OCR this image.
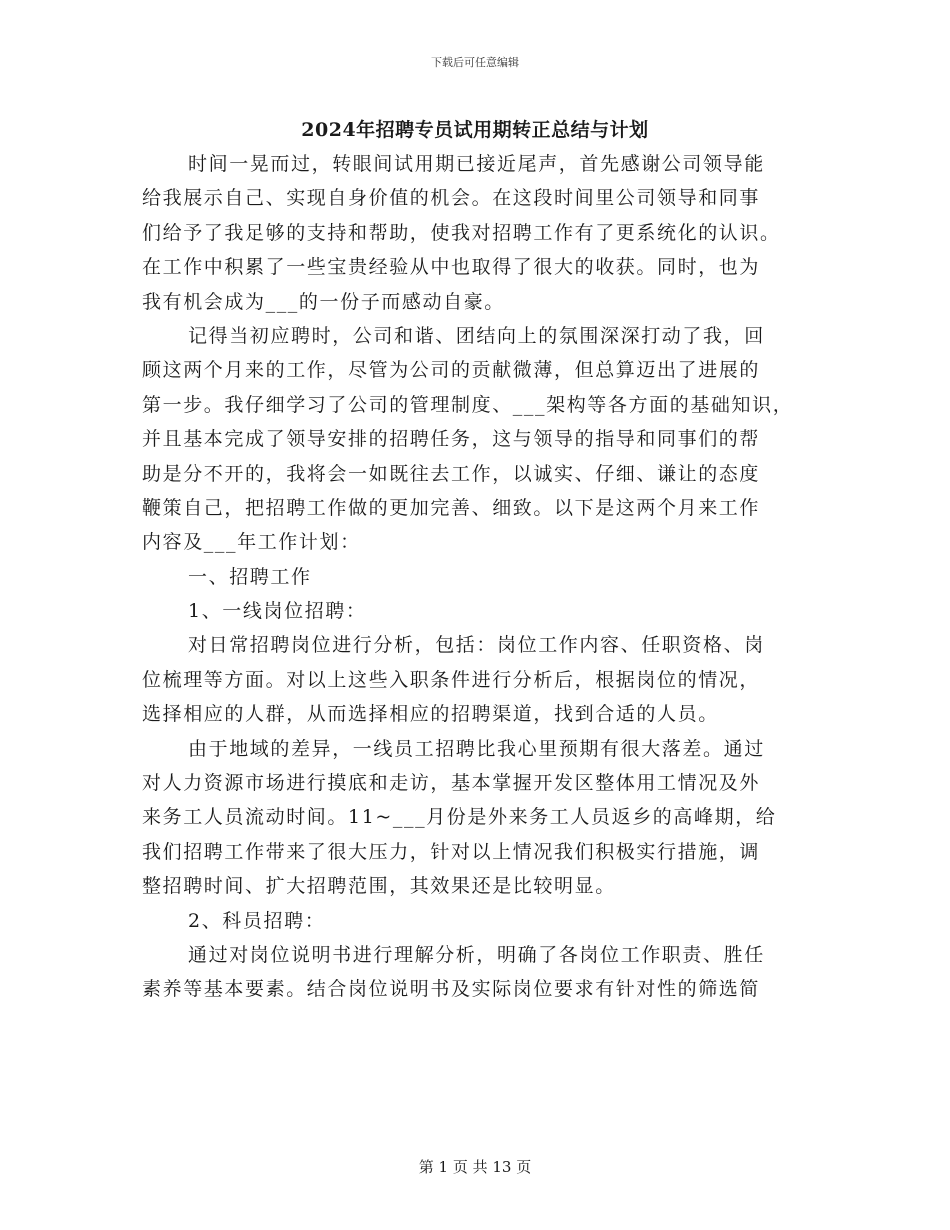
下载后可任意编辑
2024年招聘专员试用期转正总结与计划
时间一晃而过，转眼间试用期已接近尾声，首先感谢公司领导能
给我展示自己、实现自身价值的机会。在这段时间里公司领导和同事
们给予了我足够的支持和帮助，使我对招聘工作有了更系统化的认识。
在工作中积累了一些宝贵经验从中也取得了很大的收获。同时，也为
我有机会成为___的一份子而感动自豪。
记得当初应聘时，公司和谐、团结向上的氛围深深打动了我，回
顾这两个月来的工作，尽管为公司的贡献微薄，但总算迈出了进展的
第一步。我仔细学习了公司的管理制度、___架构等各方面的基础知识，
并且基本完成了领导安排的招聘任务，这与领导的指导和同事们的帮
助是分不开的，我将会一如既往去工作，以诚实、仔细、谦让的态度
鞭策自己，把招聘工作做的更加完善、细致。以下是这两个月来工作
内容及___年工作计划：
一、招聘工作
1、一线岗位招聘：
对日常招聘岗位进行分析，包括：岗位工作内容、任职资格、岗
位梳理等方面。对以上这些入职条件进行分析后，根据岗位的情况，
选择相应的人群，从而选择相应的招聘渠道，找到合适的人员。
由于地域的差异，一线员工招聘比我心里预期有很大落差。通过
对人力资源市场进行摸底和走访，基本掌握开发区整体用工情况及外
来务工人员流动时间。11~___月份是外来务工人员返乡的高峰期，给
我们招聘工作带来了很大压力，针对以上情况我们积极实行措施，调
整招聘时间、扩大招聘范围，其效果还是比较明显。
2、科员招聘：
通过对岗位说明书进行理解分析，明确了各岗位工作职责、胜任
素养等基本要素。结合岗位说明书及实际岗位要求有针对性的筛选简
第 1 页 共 13 页
